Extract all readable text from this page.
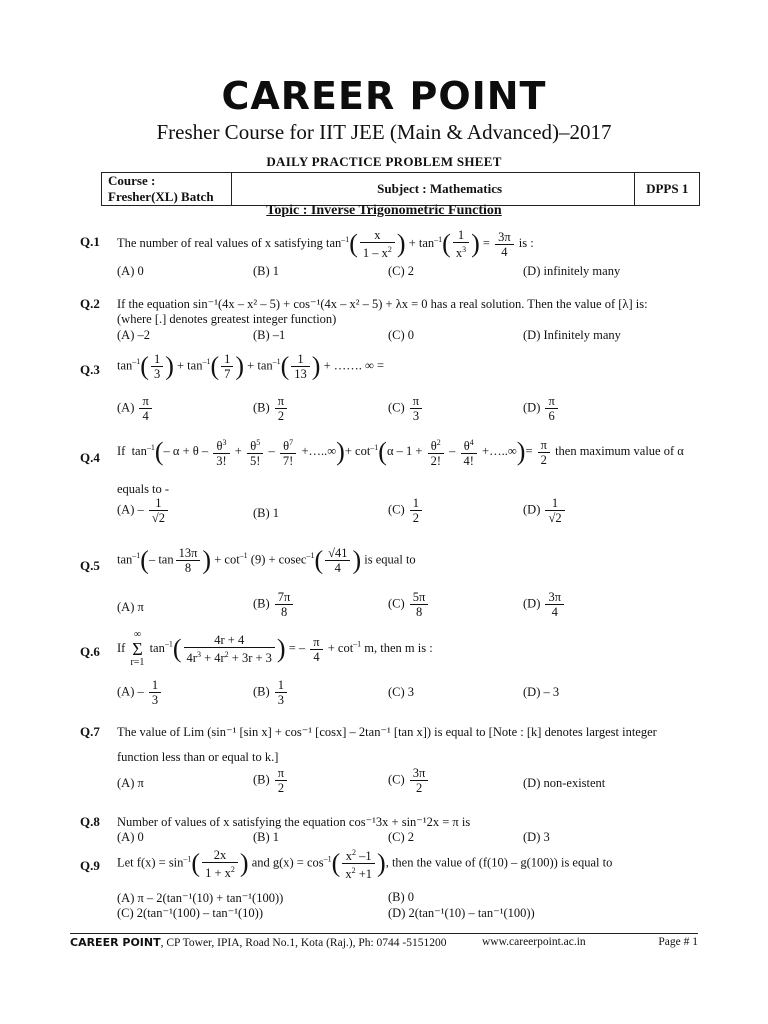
CAREER POINT
Fresher Course for IIT JEE (Main & Advanced)–2017
DAILY PRACTICE PROBLEM SHEET
Course : Fresher(XL) Batch	Subject : Mathematics	DPPS 1
Topic : Inverse Trigonometric Function
Q.1 The number of real values of x satisfying $\tan^{-1}( \frac{x}{1 - x^2}$ ) + $\tan^{-1}( \frac{1}{x^3}$ ) = $\frac{3\pi}{4}$ is :
(A) 0	(B) 1	(C) 2	(D) infinitely many
Q.2 If the equation sin⁻¹(4x – x² – 5) + cos⁻¹(4x – x² – 5) + λx = 0 has a real solution. Then the value of [λ] is:
(where [.] denotes greatest integer function)
(A) –2	(B) –1	(C) 0	(D) Infinitely many
Q.3 $\tan^{-1}( \frac{1}{3}$ ) + $\tan^{-1}( \frac{1}{7}$ ) + $\tan^{-1}( \frac{1}{13}$ ) + ……. ∞ =
$(A) \frac{\pi}{4}$	$(B) \frac{\pi}{2}$	$(C) \frac{\pi}{3}$	$(D) \frac{\pi}{6}$
Q.4 If  $\tan^{-1}(-$ $\alpha + \theta - \frac{\theta^3}{3!} + \frac{\theta^5}{5!} - \frac{\theta^7}{7!}$ +…..∞)+ $\cot^{-1}(\alpha - 1 + \frac{\theta^2}{2!} - \frac{\theta^4}{4!}$ +…..∞)= $\frac{\pi}{2}$ then maximum value of α
equals to -
$(A) - \frac{1}{√2}$	(B) 1	$(C) \frac{1}{2}$	$(D) \frac{1}{√2}$
Q.5 $\tan^{-1}(-$ $\tan \frac{13\pi}{8}$ ) + $\cot^{-1} (9) + cosec^{-1}( \frac{√41}{4}$ ) is equal to
(A) π	$(B) \frac{7\pi}{8}$	$(C) \frac{5\pi}{8}$	$(D) \frac{3\pi}{4}$
Q.6 If
∞
Σ
r=1
$\tan^{-1}( \frac{4r + 4}{4r^3 + 4r^2 + 3r + 3}$ ) = – $\frac{\pi}{4} + \cot^{-1} m$, then m is :
$(A) - \frac{1}{3}$	$(B) \frac{1}{3}$	(C) 3	(D) – 3
Q.7 The value of Lim (sin⁻¹ [sin x] + cos⁻¹ [cosx] – 2tan⁻¹ [tan x]) is equal to [Note : [k] denotes largest integer
function less than or equal to k.]
(A) π	$(B) \frac{\pi}{2}$	$(C) \frac{3\pi}{2}$	(D) non-existent
Q.8 Number of values of x satisfying the equation cos⁻¹3x + sin⁻¹2x = π is
(A) 0	(B) 1	(C) 2	(D) 3
Q.9 Let $f(x) = \sin^{-1}( \frac{2x}{1 + x^2}$ ) and $g(x) = \cos^{-1}( \frac{x^2 -1}{x^2 +1}$ ), then the value of (f(10) – g(100)) is equal to
(A) π – 2(tan⁻¹(10) + tan⁻¹(100))	(B) 0
(C) 2(tan⁻¹(100) – tan⁻¹(10))	(D) 2(tan⁻¹(10) – tan⁻¹(100))
CAREER POINT, CP Tower, IPIA, Road No.1, Kota (Raj.), Ph: 0744 -5151200	www.careerpoint.ac.in	Page # 1
